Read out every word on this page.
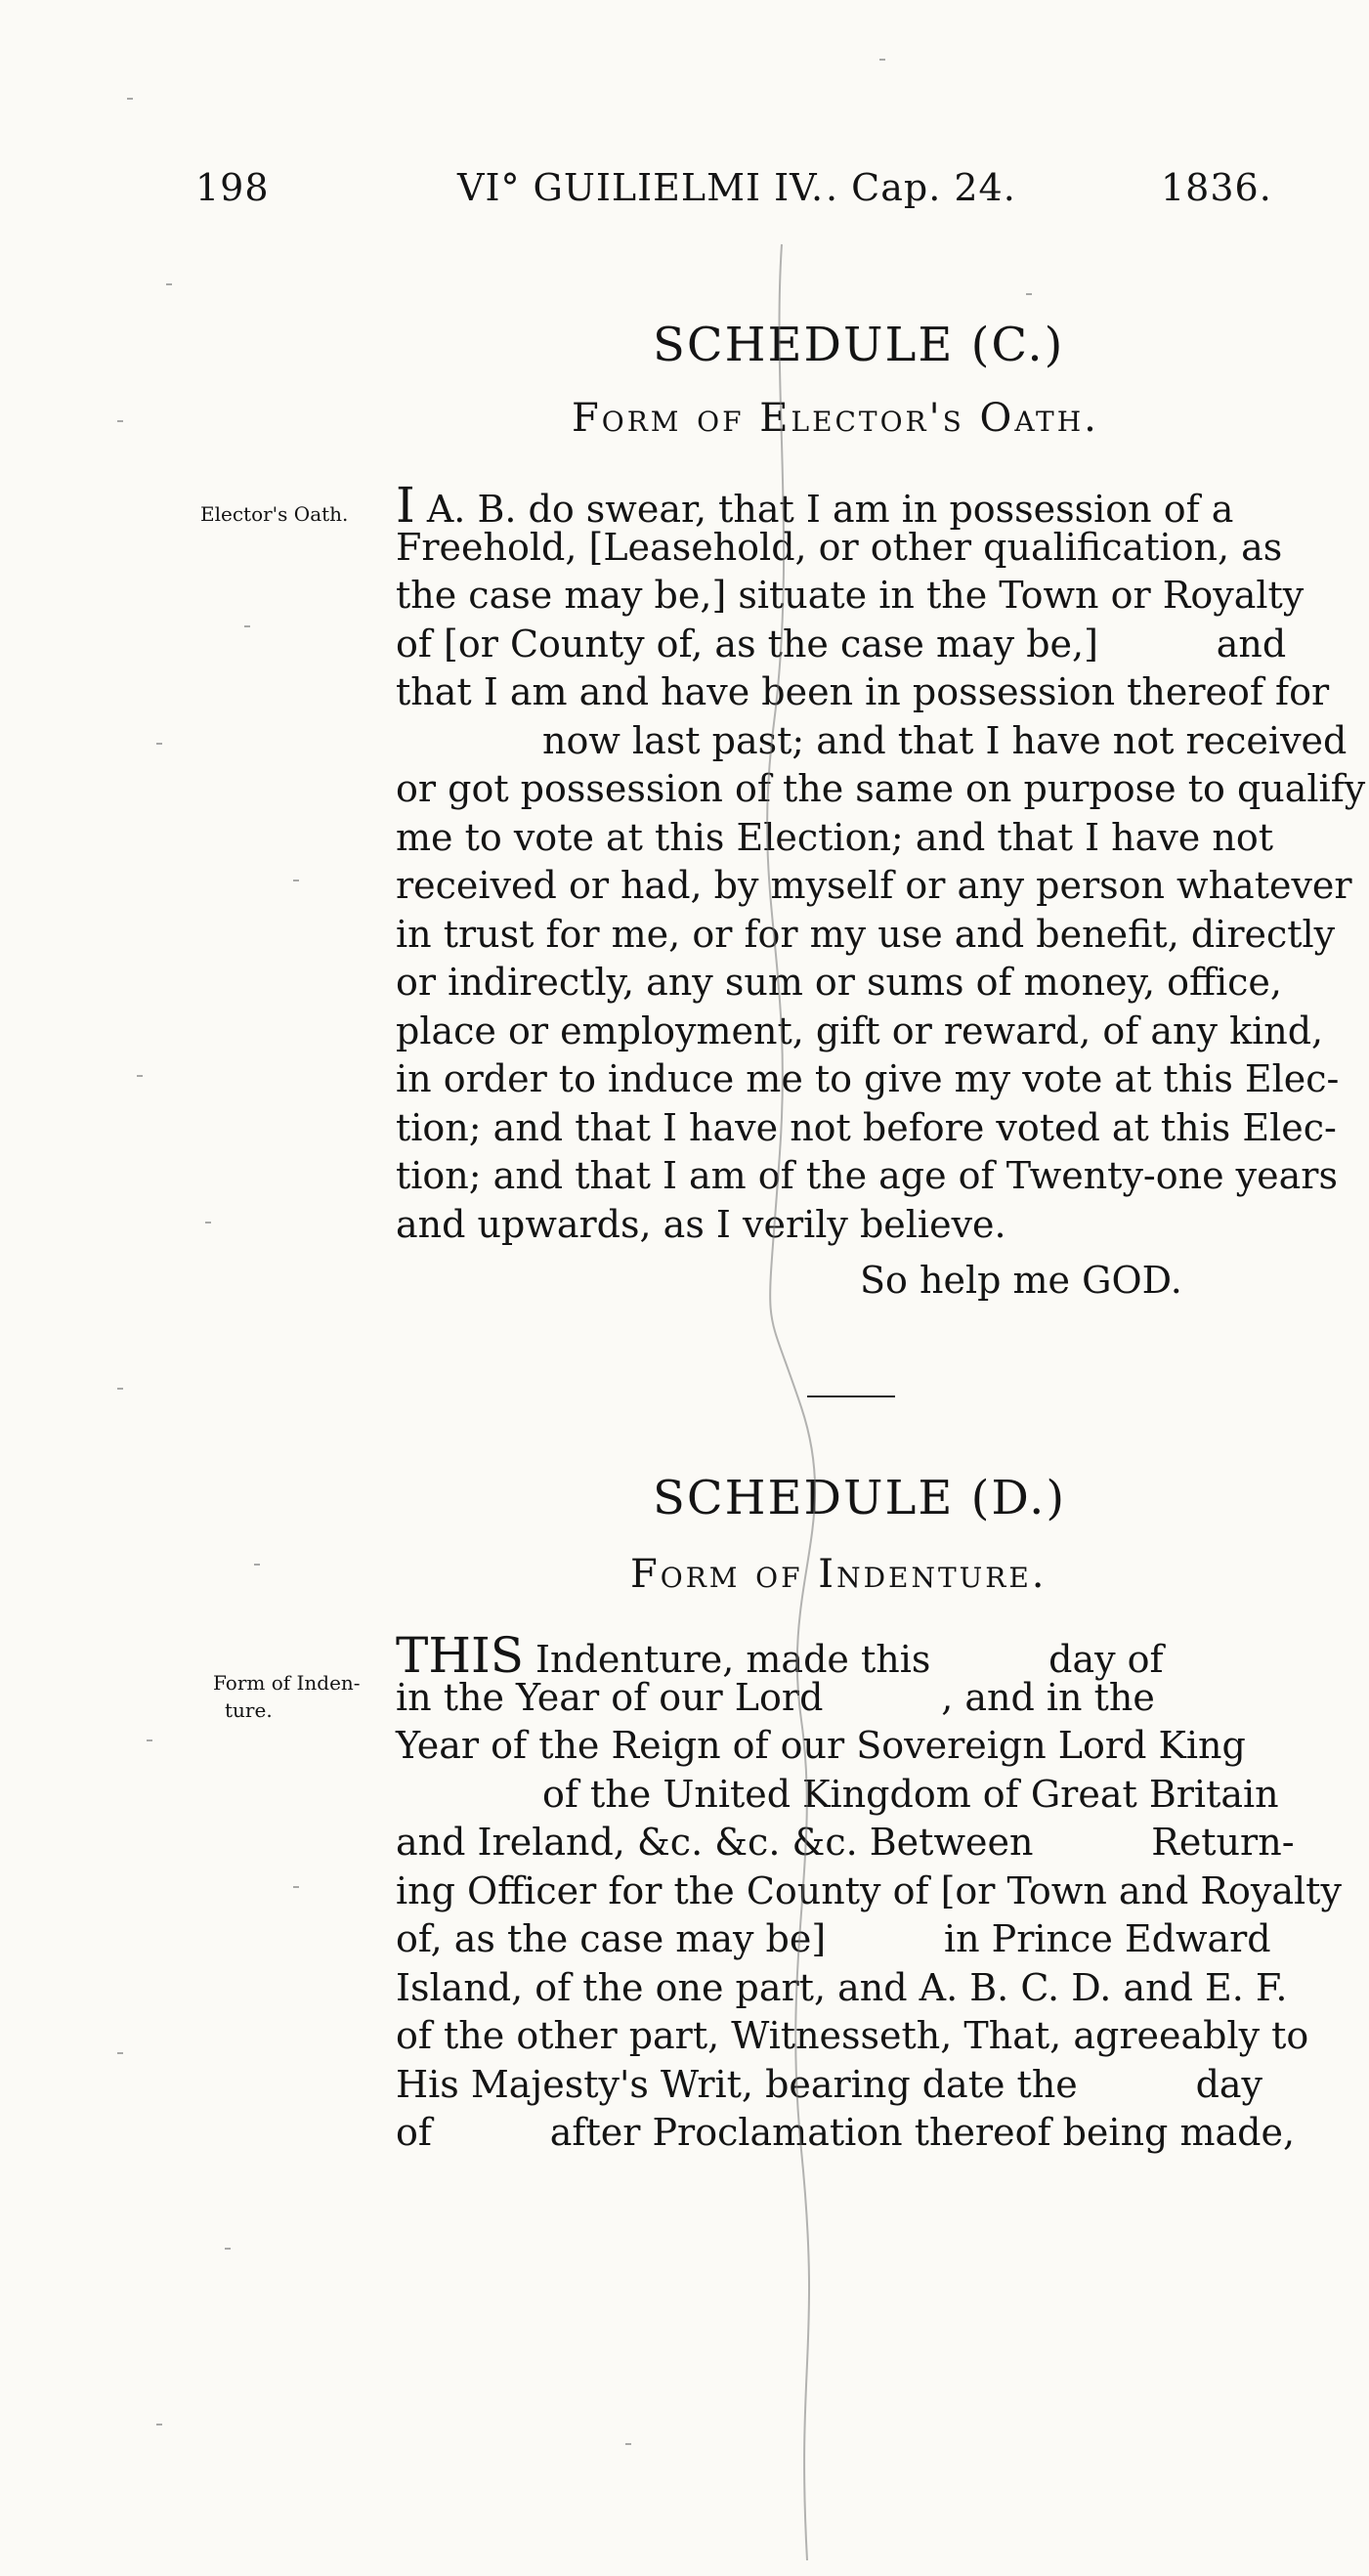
198	VI° GUILIELMI IV. . Cap. 24.	1836.
SCHEDULE (C.)
Form of Elector's Oath.
Elector's Oath. I A. B. do swear, that I am in possession of a
Freehold, [Leasehold, or other qualification, as
the case may be,] situate in the Town or Royalty
of [or County of, as the case may be,]          and
that I am and have been in possession thereof for
now last past; and that I have not received
or got possession of the same on purpose to qualify
me to vote at this Election; and that I have not
received or had, by myself or any person whatever
in trust for me, or for my use and benefit, directly
or indirectly, any sum or sums of money, office,
place or employment, gift or reward, of any kind,
in order to induce me to give my vote at this Elec-
tion; and that I have not before voted at this Elec-
tion; and that I am of the age of Twenty-one years
and upwards, as I verily believe.
So help me GOD.
SCHEDULE (D.)
Form of Indenture.
Form of Inden-
ture.
THIS Indenture, made this          day of
in the Year of our Lord          , and in the
Year of the Reign of our Sovereign Lord King
of the United Kingdom of Great Britain
and Ireland, &c. &c. &c. Between          Return-
ing Officer for the County of [or Town and Royalty
of, as the case may be]          in Prince Edward
Island, of the one part, and A. B. C. D. and E. F.
of the other part, Witnesseth, That, agreeably to
His Majesty's Writ, bearing date the          day
of          after Proclamation thereof being made,
